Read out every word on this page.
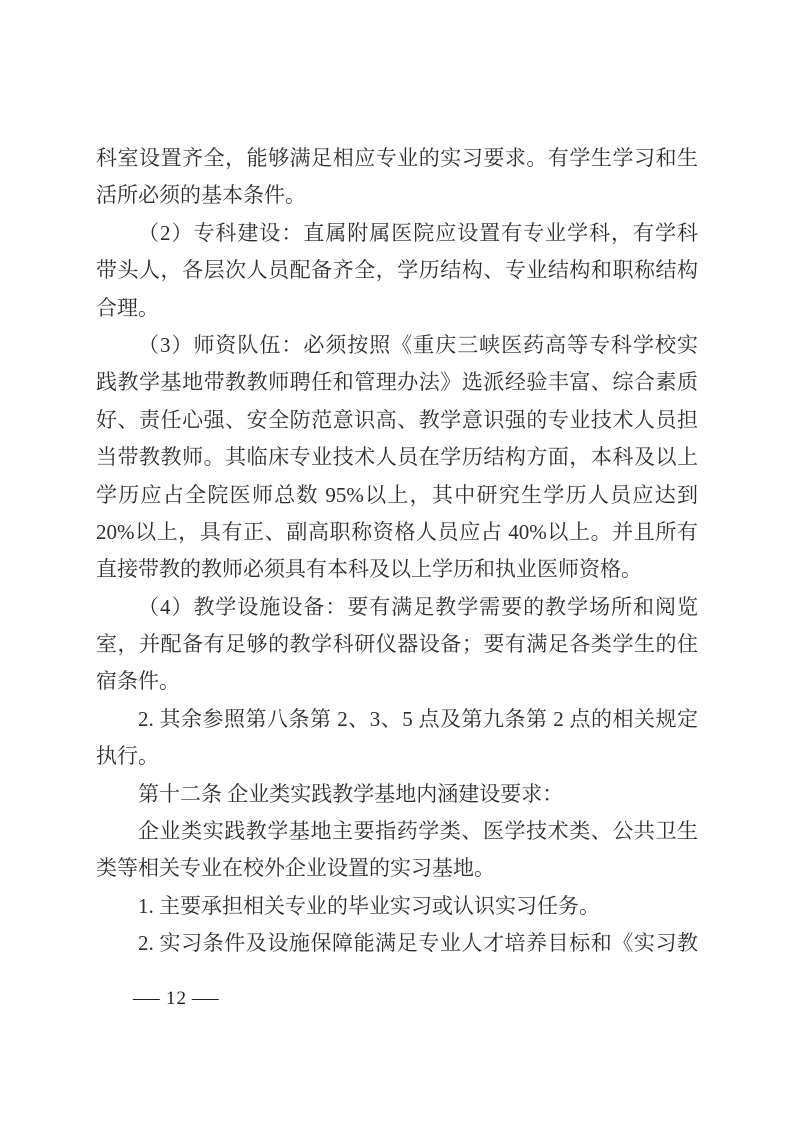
科室设置齐全，能够满足相应专业的实习要求。有学生学习和生
活所必须的基本条件。
（2）专科建设：直属附属医院应设置有专业学科，有学科
带头人，各层次人员配备齐全，学历结构、专业结构和职称结构
合理。
（3）师资队伍：必须按照《重庆三峡医药高等专科学校实
践教学基地带教教师聘任和管理办法》选派经验丰富、综合素质
好、责任心强、安全防范意识高、教学意识强的专业技术人员担
当带教教师。其临床专业技术人员在学历结构方面，本科及以上
学历应占全院医师总数 95%以上，其中研究生学历人员应达到
20%以上，具有正、副高职称资格人员应占 40%以上。并且所有
直接带教的教师必须具有本科及以上学历和执业医师资格。
（4）教学设施设备：要有满足教学需要的教学场所和阅览
室，并配备有足够的教学科研仪器设备；要有满足各类学生的住
宿条件。
2. 其余参照第八条第 2、3、5 点及第九条第 2 点的相关规定
执行。
第十二条 企业类实践教学基地内涵建设要求：
企业类实践教学基地主要指药学类、医学技术类、公共卫生
类等相关专业在校外企业设置的实习基地。
1. 主要承担相关专业的毕业实习或认识实习任务。
2. 实习条件及设施保障能满足专业人才培养目标和《实习教
— 12 —
